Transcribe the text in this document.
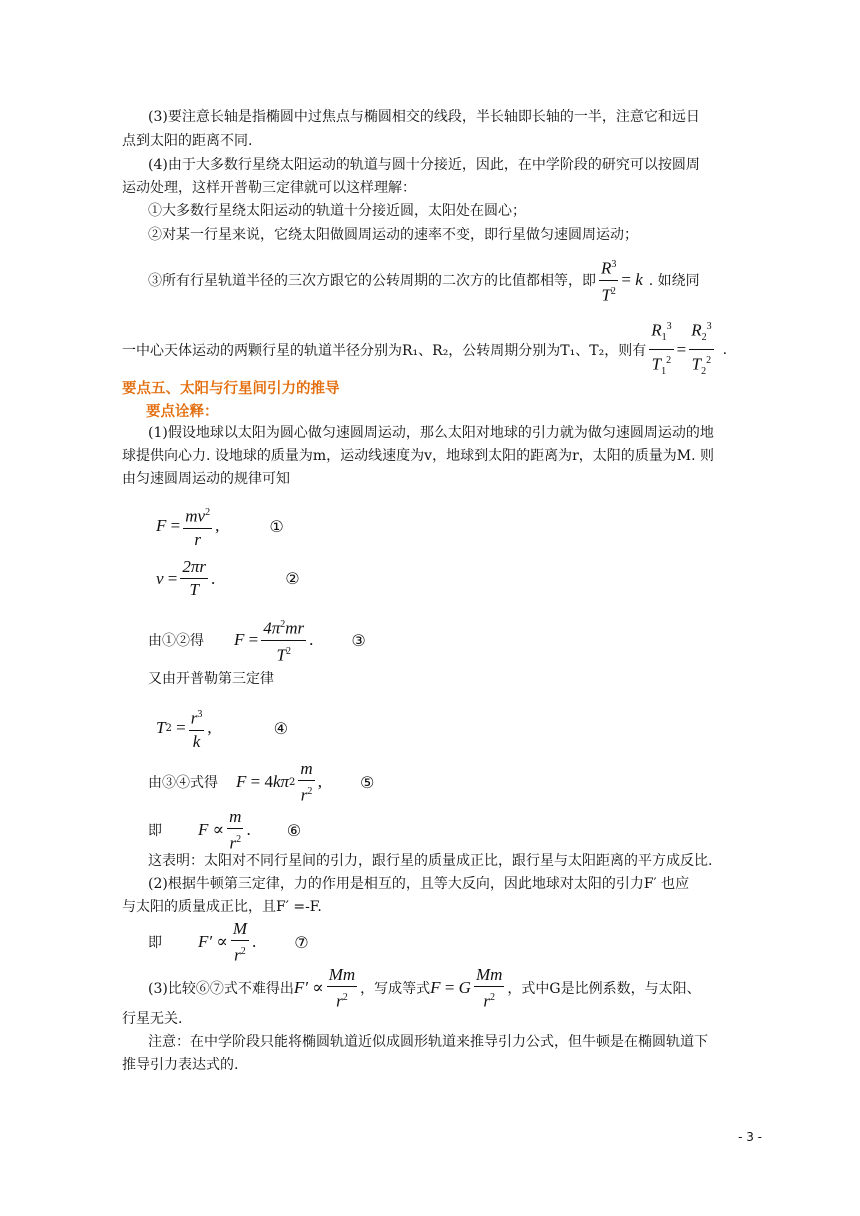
(3)要注意长轴是指椭圆中过焦点与椭圆相交的线段，半长轴即长轴的一半，注意它和远日
点到太阳的距离不同.
(4)由于大多数行星绕太阳运动的轨道与圆十分接近，因此，在中学阶段的研究可以按圆周
运动处理，这样开普勒三定律就可以这样理解：
①大多数行星绕太阳运动的轨道十分接近圆，太阳处在圆心；
②对某一行星来说，它绕太阳做圆周运动的速率不变，即行星做匀速圆周运动；
③所有行星轨道半径的三次方跟它的公转周期的二次方的比值都相等，即 $\frac{R^3}{T^2} = k$ . 如绕同
一中心天体运动的两颗行星的轨道半径分别为R₁、R₂，公转周期分别为T₁、T₂，则有 $\frac{R_1^3}{T_1^2} = \frac{R_2^3}{T_2^2}$ .
要点五、太阳与行星间引力的推导
要点诠释：
(1)假设地球以太阳为圆心做匀速圆周运动，那么太阳对地球的引力就为做匀速圆周运动的地
球提供向心力. 设地球的质量为m，运动线速度为v，地球到太阳的距离为r，太阳的质量为M. 则
由匀速圆周运动的规律可知
$F = \frac{mv^2}{r}$ ,	①
$v = \frac{2\pi r}{T}$ .	②
由①②得 $F = \frac{4\pi^2mr}{T^2}$ . ③
又由开普勒第三定律
T $2 = \frac{r^3}{k}$ ,	④
由③④式得 F = 4 kπ $2 \frac{m}{r^2}$ , ⑤
即 $F \propto \frac{m}{r^2}$ . ⑥
这表明：太阳对不同行星间的引力，跟行星的质量成正比，跟行星与太阳距离的平方成反比.
(2)根据牛顿第三定律，力的作用是相互的，且等大反向，因此地球对太阳的引力F′ 也应
与太阳的质量成正比，且F′ =-F.
即 $F' \propto \frac{M}{r^2}$ . ⑦
(3)比较⑥⑦式不难得出 $F' \propto \frac{Mm}{r^2}$ ，写成等式 F = G $\frac{Mm}{r^2}$ ，式中G是比例系数，与太阳、
行星无关.
注意：在中学阶段只能将椭圆轨道近似成圆形轨道来推导引力公式，但牛顿是在椭圆轨道下
推导引力表达式的.
- 3 -
